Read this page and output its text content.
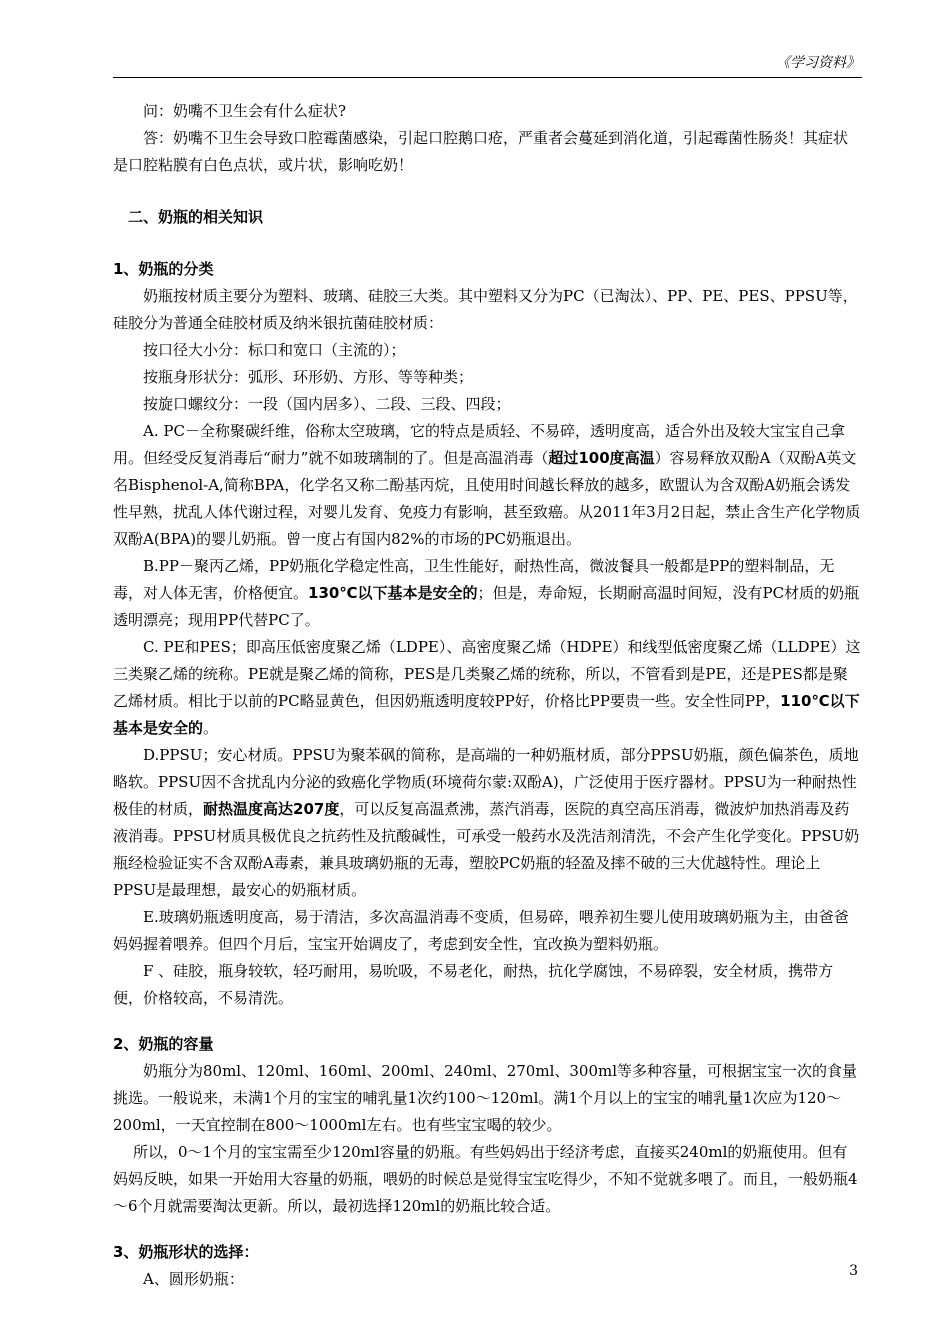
《学习资料》

问：奶嘴不卫生会有什么症状?

答：奶嘴不卫生会导致口腔霉菌感染，引起口腔鹅口疮，严重者会蔓延到消化道，引起霉菌性肠炎！其症状是口腔粘膜有白色点状，或片状，影响吃奶！

二、奶瓶的相关知识

1、奶瓶的分类

奶瓶按材质主要分为塑料、玻璃、硅胶三大类。其中塑料又分为PC（已淘汰）、PP、PE、PES、PPSU等，硅胶分为普通全硅胶材质及纳米银抗菌硅胶材质：

按口径大小分：标口和宽口（主流的）；

按瓶身形状分：弧形、环形奶、方形、等等种类；

按旋口螺纹分：一段（国内居多）、二段、三段、四段；

A. PC－全称聚碳纤维，俗称太空玻璃，它的特点是质轻、不易碎，透明度高，适合外出及较大宝宝自己拿用。但经受反复消毒后“耐力”就不如玻璃制的了。但是高温消毒（超过100度高温）容易释放双酚A（双酚A英文名Bisphenol-A,简称BPA，化学名又称二酚基丙烷，且使用时间越长释放的越多，欧盟认为含双酚A奶瓶会诱发性早熟，扰乱人体代谢过程，对婴儿发育、免疫力有影响，甚至致癌。从2011年3月2日起，禁止含生产化学物质双酚A(BPA)的婴儿奶瓶。曾一度占有国内82%的市场的PC奶瓶退出。

B.PP－聚丙乙烯，PP奶瓶化学稳定性高，卫生性能好，耐热性高，微波餐具一般都是PP的塑料制品，无毒，对人体无害，价格便宜。130℃以下基本是安全的；但是，寿命短，长期耐高温时间短，没有PC材质的奶瓶透明漂亮；现用PP代替PC了。

C. PE和PES；即高压低密度聚乙烯（LDPE）、高密度聚乙烯（HDPE）和线型低密度聚乙烯（LLDPE）这三类聚乙烯的统称。PE就是聚乙烯的简称，PES是几类聚乙烯的统称，所以，不管看到是PE，还是PES都是聚乙烯材质。相比于以前的PC略显黄色，但因奶瓶透明度较PP好，价格比PP要贵一些。安全性同PP，110℃以下基本是安全的。

D.PPSU；安心材质。PPSU为聚苯砜的简称，是高端的一种奶瓶材质，部分PPSU奶瓶，颜色偏茶色，质地略软。PPSU因不含扰乱内分泌的致癌化学物质(环境荷尔蒙:双酚A)，广泛使用于医疗器材。PPSU为一种耐热性极佳的材质，耐热温度高达207度，可以反复高温煮沸，蒸汽消毒，医院的真空高压消毒，微波炉加热消毒及药液消毒。PPSU材质具极优良之抗药性及抗酸碱性，可承受一般药水及洗洁剂清洗，不会产生化学变化。PPSU奶瓶经检验证实不含双酚A毒素，兼具玻璃奶瓶的无毒，塑胶PC奶瓶的轻盈及摔不破的三大优越特性。理论上PPSU是最理想，最安心的奶瓶材质。

E.玻璃奶瓶透明度高，易于清洁，多次高温消毒不变质，但易碎，喂养初生婴儿使用玻璃奶瓶为主，由爸爸妈妈握着喂养。但四个月后，宝宝开始调皮了，考虑到安全性，宜改换为塑料奶瓶。

F 、硅胶，瓶身较软，轻巧耐用，易吮吸，不易老化，耐热，抗化学腐蚀，不易碎裂，安全材质，携带方便，价格较高，不易清洗。

2、奶瓶的容量

奶瓶分为80ml、120ml、160ml、200ml、240ml、270ml、300ml等多种容量，可根据宝宝一次的食量挑选。一般说来，未满1个月的宝宝的哺乳量1次约100～120ml。满1个月以上的宝宝的哺乳量1次应为120～200ml，一天宜控制在800～1000ml左右。也有些宝宝喝的较少。

所以，0～1个月的宝宝需至少120ml容量的奶瓶。有些妈妈出于经济考虑，直接买240ml的奶瓶使用。但有妈妈反映，如果一开始用大容量的奶瓶，喂奶的时候总是觉得宝宝吃得少，不知不觉就多喂了。而且，一般奶瓶4～6个月就需要淘汰更新。所以，最初选择120ml的奶瓶比较合适。

3、奶瓶形状的选择：

A、圆形奶瓶：	3
